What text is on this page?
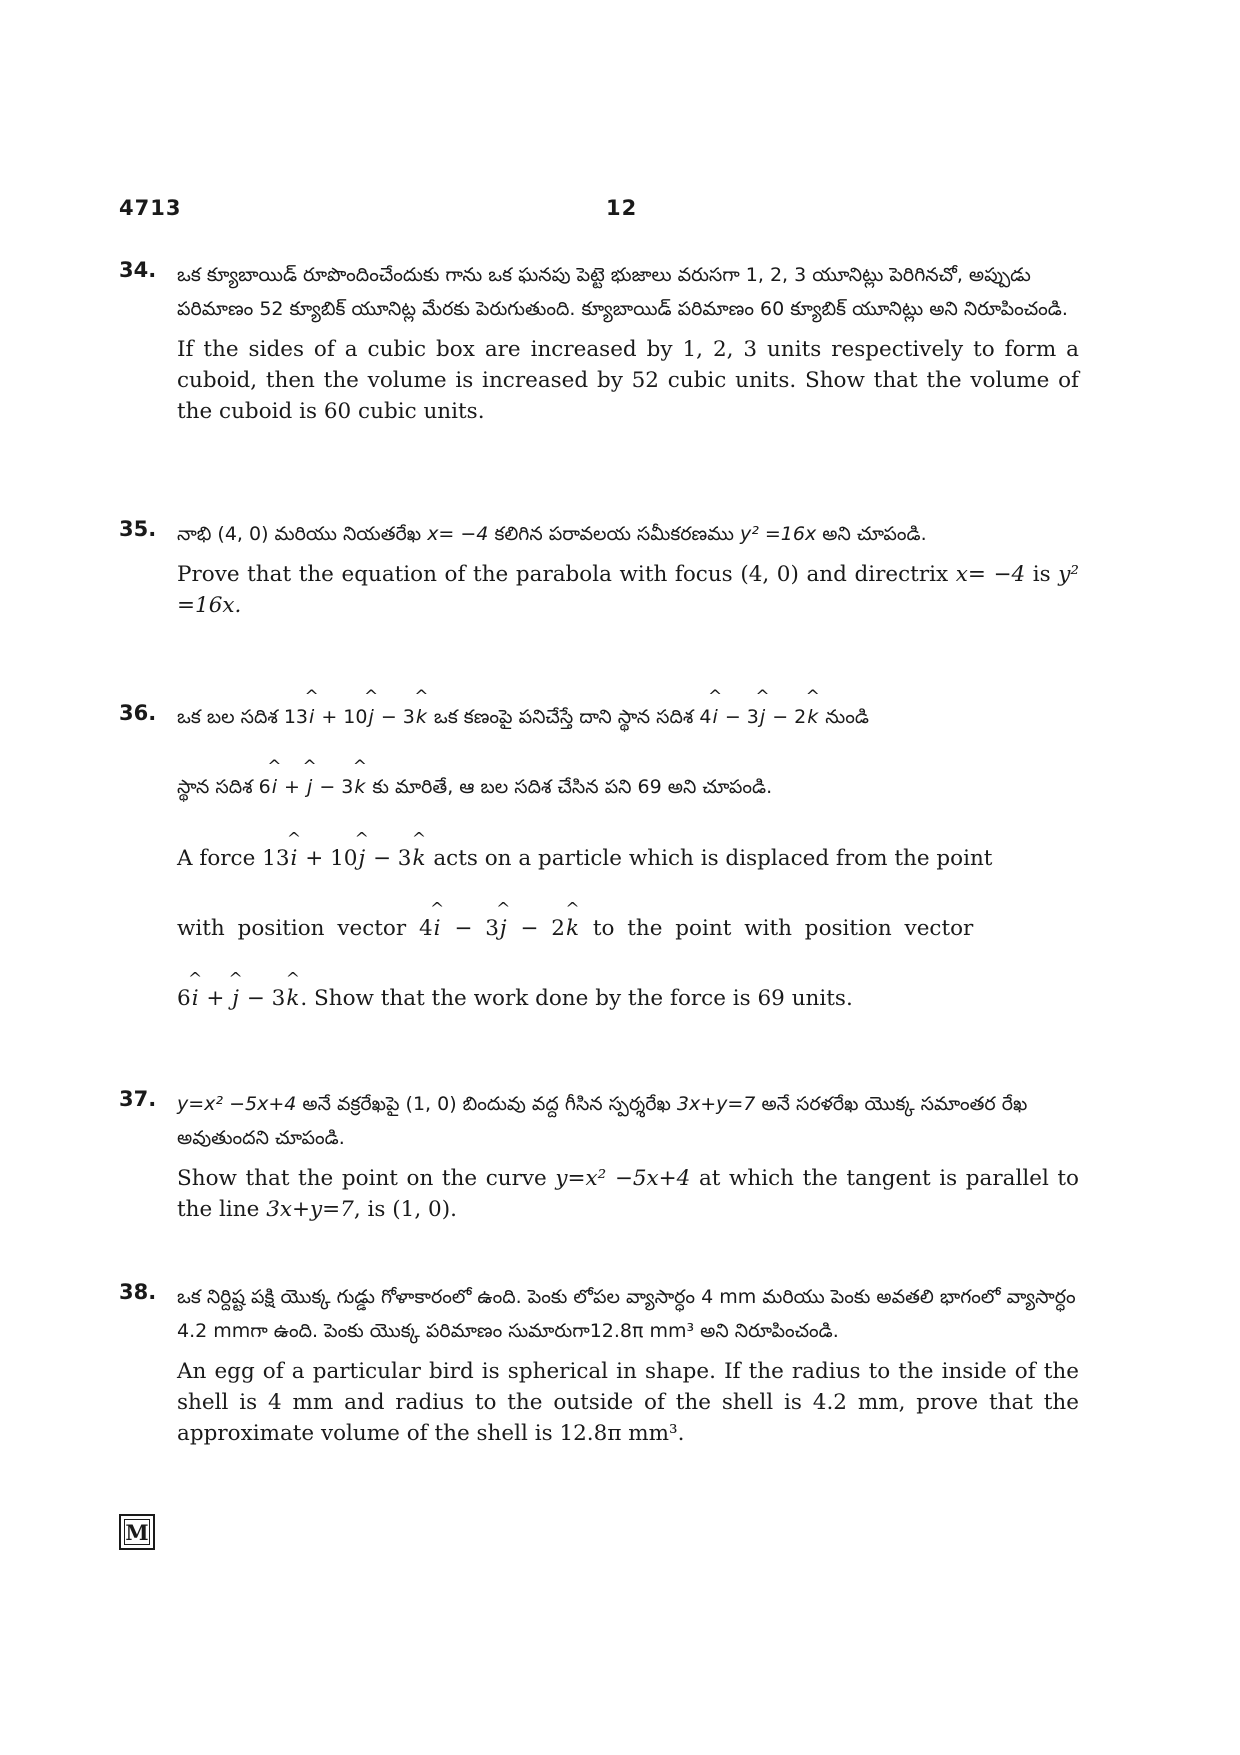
4713	12
34. ఒక క్యూబాయిడ్ రూపొందించేందుకు గాను ఒక ఘనపు పెట్టె భుజాలు వరుసగా 1, 2, 3 యూనిట్లు పెరిగినచో, అప్పుడు పరిమాణం 52 క్యూబిక్ యూనిట్ల మేరకు పెరుగుతుంది. క్యూబాయిడ్ పరిమాణం 60 క్యూబిక్ యూనిట్లు అని నిరూపించండి.

If the sides of a cubic box are increased by 1, 2, 3 units respectively to form a cuboid, then the volume is increased by 52 cubic units. Show that the volume of the cuboid is 60 cubic units.

35. నాభి (4, 0) మరియు నియతరేఖ x= −4 కలిగిన పరావలయ సమీకరణము y² =16x అని చూపండి.

Prove that the equation of the parabola with focus (4, 0) and directrix x= −4 is y² =16x.

36. ఒక బల సదిశ 13^ i + 10^ j − 3^ k ఒక కణంపై పనిచేస్తే దాని స్థాన సదిశ 4^ i − 3^ j − 2^ k నుండి

స్థాన సదిశ 6^ i + ^ j − 3^ k కు మారితే, ఆ బల సదిశ చేసిన పని 69 అని చూపండి.

A force 13^ i + 10^ j − 3^ k acts on a particle which is displaced from the point

with position vector 4^ i − 3^ j − 2^ k to the point with position vector

6^ i + ^ j − 3^ k. Show that the work done by the force is 69 units.

37. y=x² −5x+4 అనే వక్రరేఖపై (1, 0) బిందువు వద్ద గీసిన స్పర్శరేఖ 3x+y=7 అనే సరళరేఖ యొక్క సమాంతర రేఖ అవుతుందని చూపండి.

Show that the point on the curve y=x² −5x+4 at which the tangent is parallel to the line 3x+y=7, is (1, 0).

38. ఒక నిర్దిష్ట పక్షి యొక్క గుడ్డు గోళాకారంలో ఉంది. పెంకు లోపల వ్యాసార్ధం 4 mm మరియు పెంకు అవతలి భాగంలో వ్యాసార్ధం 4.2 mmగా ఉంది. పెంకు యొక్క పరిమాణం సుమారుగా12.8π mm³ అని నిరూపించండి.

An egg of a particular bird is spherical in shape. If the radius to the inside of the shell is 4 mm and radius to the outside of the shell is 4.2 mm, prove that the approximate volume of the shell is 12.8π mm³.

M
